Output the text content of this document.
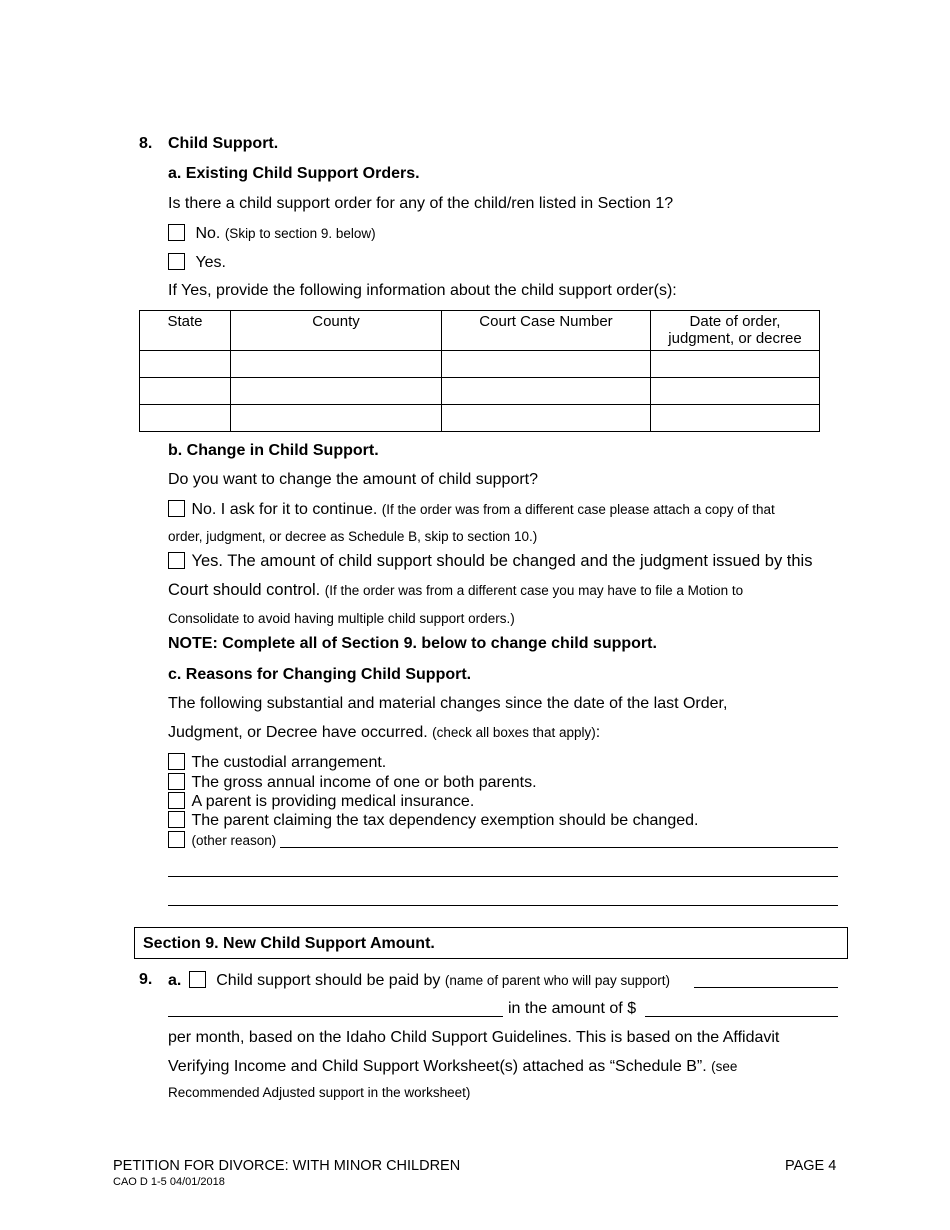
8. Child Support.
a. Existing Child Support Orders.
Is there a child support order for any of the child/ren listed in Section 1?
No. (Skip to section 9. below)
Yes.
If Yes, provide the following information about the child support order(s):
State	County	Court Case Number	Date of order,
judgment, or decree

b. Change in Child Support.
Do you want to change the amount of child support?
No. I ask for it to continue. (If the order was from a different case please attach a copy of that
order, judgment, or decree as Schedule B, skip to section 10.)
Yes. The amount of child support should be changed and the judgment issued by this
Court should control. (If the order was from a different case you may have to file a Motion to
Consolidate to avoid having multiple child support orders.)
NOTE: Complete all of Section 9. below to change child support.
c. Reasons for Changing Child Support.
The following substantial and material changes since the date of the last Order,
Judgment, or Decree have occurred. (check all boxes that apply):
The custodial arrangement.
The gross annual income of one or both parents.
A parent is providing medical insurance.
The parent claiming the tax dependency exemption should be changed.
(other reason)
Section 9. New Child Support Amount.
9. a. Child support should be paid by (name of parent who will pay support)
in the amount of $
per month, based on the Idaho Child Support Guidelines. This is based on the Affidavit
Verifying Income and Child Support Worksheet(s) attached as “Schedule B”. (see
Recommended Adjusted support in the worksheet)
PETITION FOR DIVORCE: WITH MINOR CHILDREN
CAO D 1-5 04/01/2018
PAGE 4
